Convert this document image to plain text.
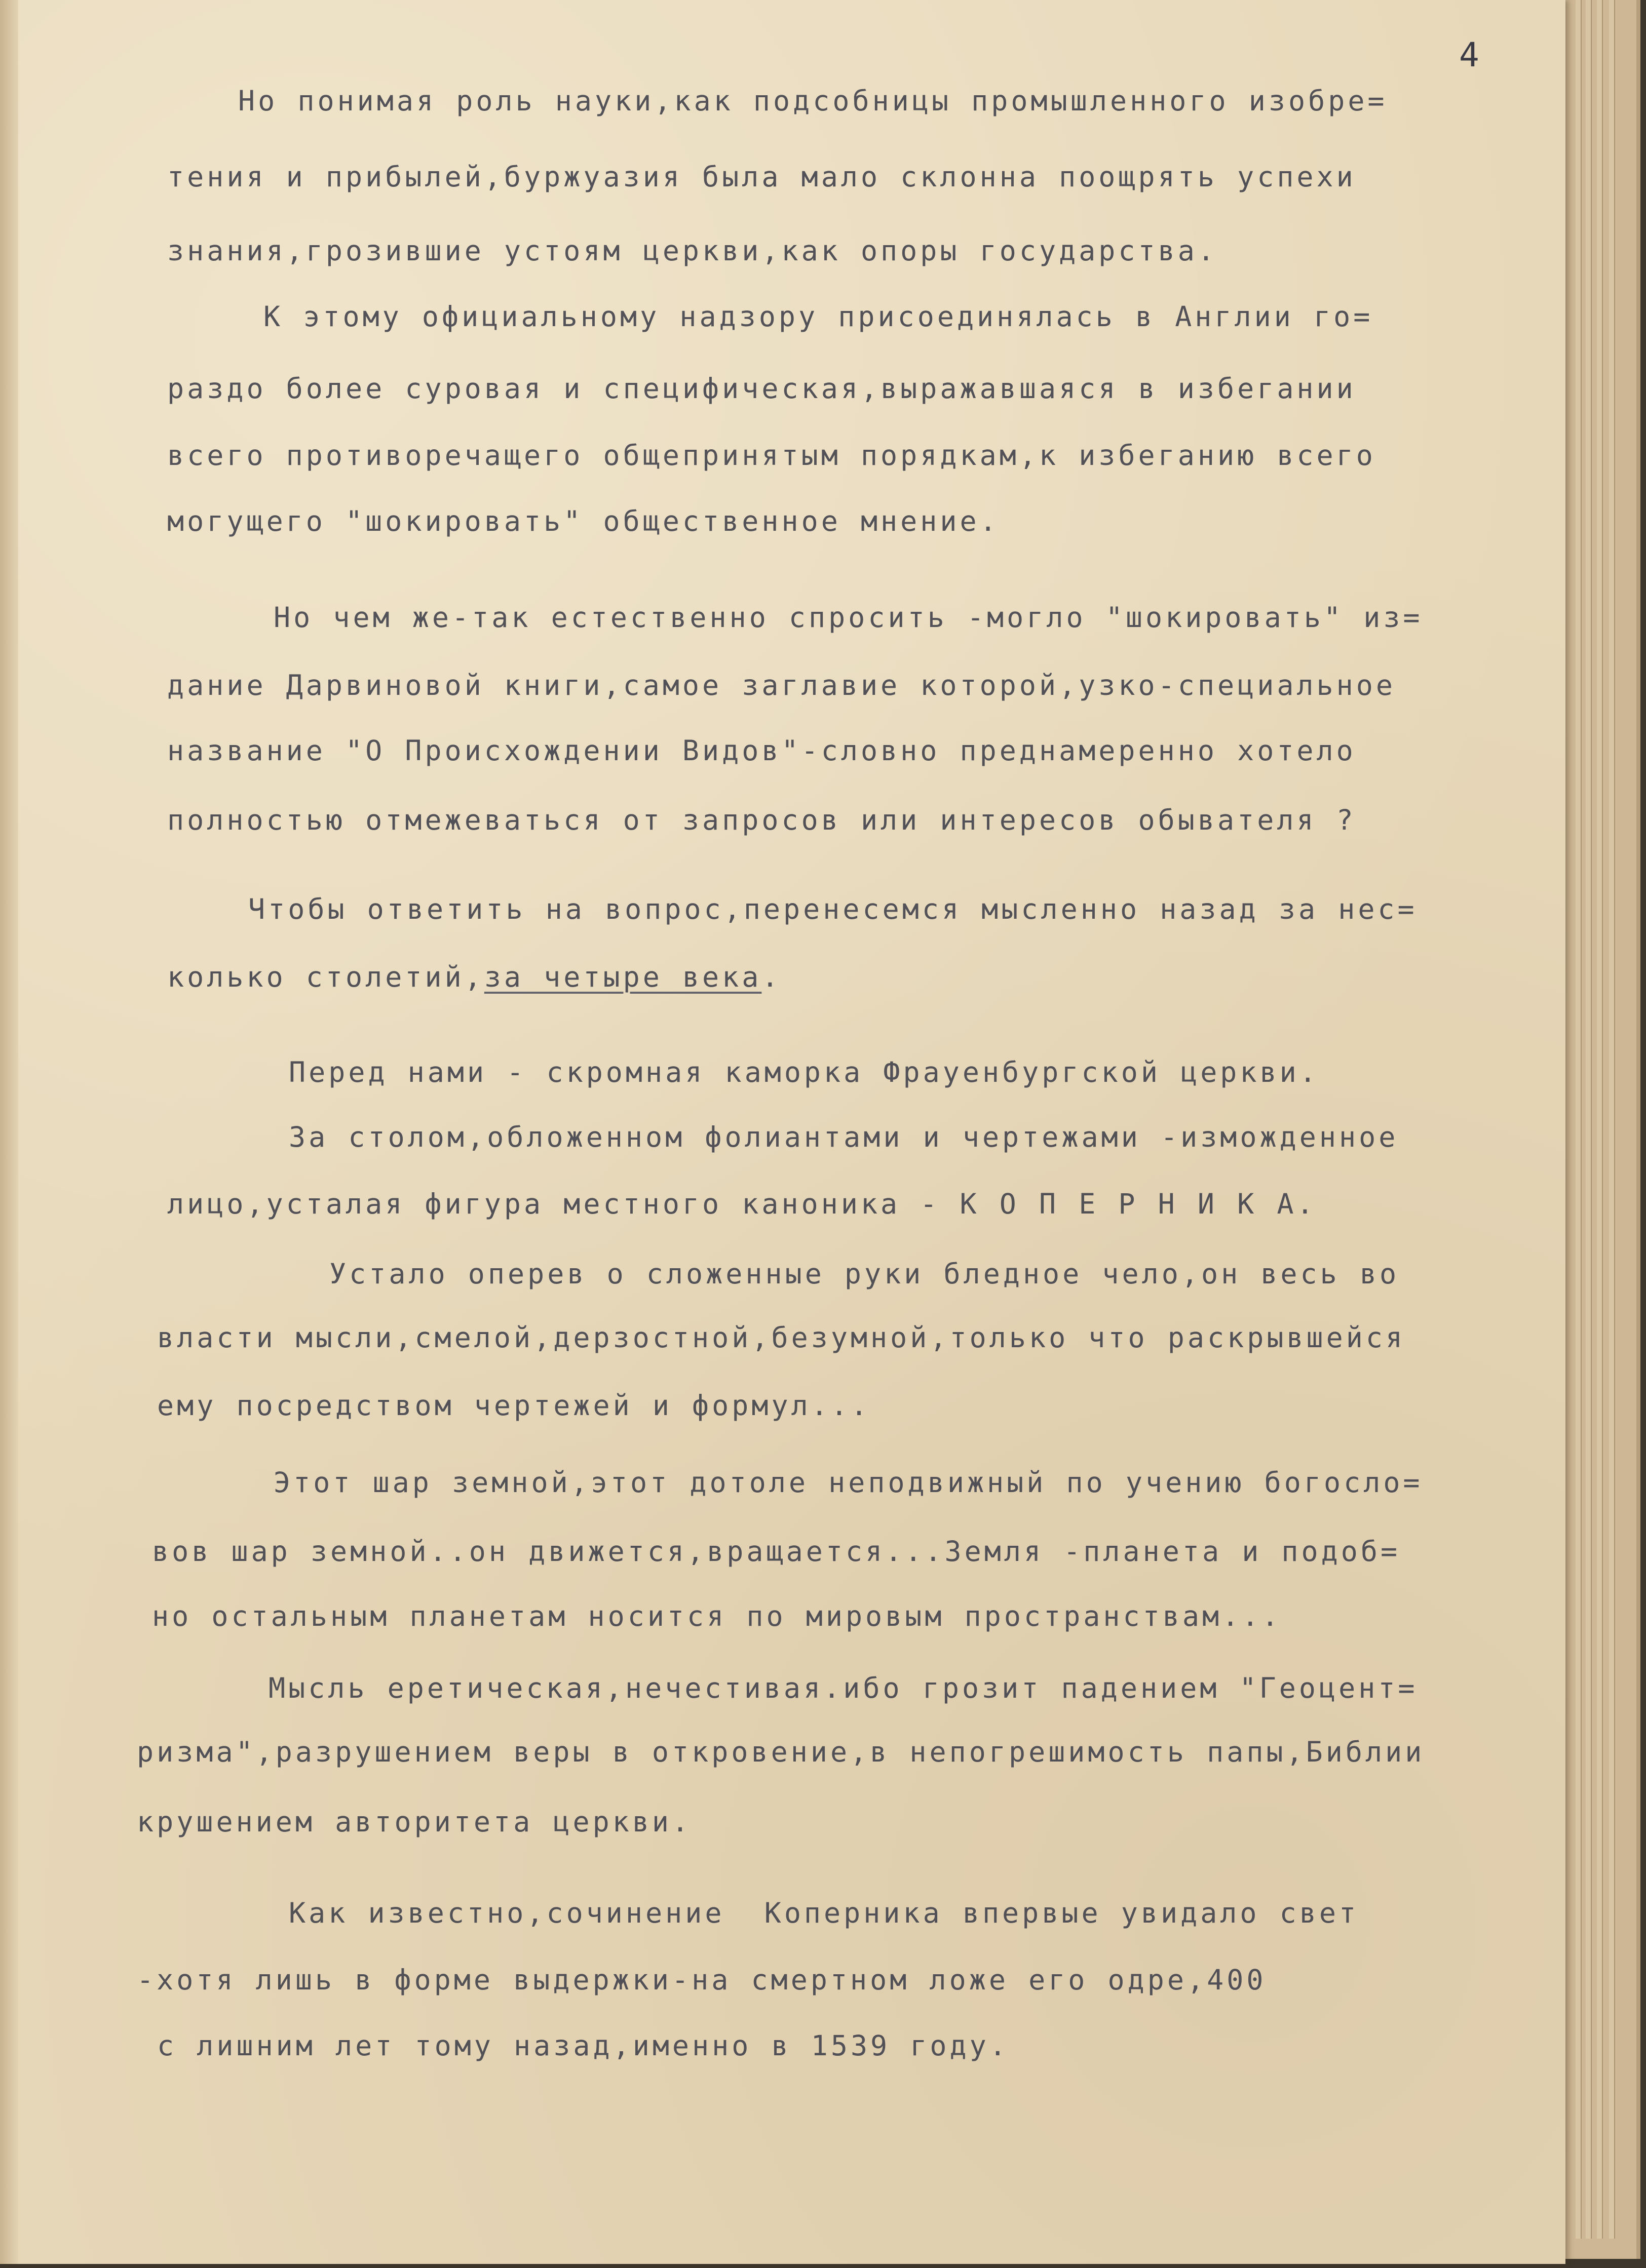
4
Но понимая роль науки,как подсобницы промышленного изобре=
тения и прибылей,буржуазия была мало склонна поощрять успехи
знания,грозившие устоям церкви,как опоры государства.
К этому официальному надзору присоединялась в Англии го=
раздо более суровая и специфическая,выражавшаяся в избегании
всего противоречащего общепринятым порядкам,к избеганию всего
могущего "шокировать" общественное мнение.
Но чем же-так естественно спросить -могло "шокировать" из=
дание Дарвиновой книги,самое заглавие которой,узко-специальное
название "О Происхождении Видов"-словно преднамеренно хотело
полностью отмежеваться от запросов или интересов обывателя ?
Чтобы ответить на вопрос,перенесемся мысленно назад за нес=
колько столетий,за четыре века.
Перед нами - скромная каморка Фрауенбургской церкви.
За столом,обложенном фолиантами и чертежами -изможденное
лицо,усталая фигура местного каноника - К О П Е Р Н И К А.
Устало оперев о сложенные руки бледное чело,он весь во
власти мысли,смелой,дерзостной,безумной,только что раскрывшейся
ему посредством чертежей и формул...
Этот шар земной,этот дотоле неподвижный по учению богосло=
вов шар земной..он движется,вращается...Земля -планета и подоб=
но остальным планетам носится по мировым пространствам...
Мысль еретическая,нечестивая.ибо грозит падением "Геоцент=
ризма",разрушением веры в откровение,в непогрешимость папы,Библии
крушением авторитета церкви.
Как известно,сочинение  Коперника впервые увидало свет
-хотя лишь в форме выдержки-на смертном ложе его одре,400
с лишним лет тому назад,именно в 1539 году.
